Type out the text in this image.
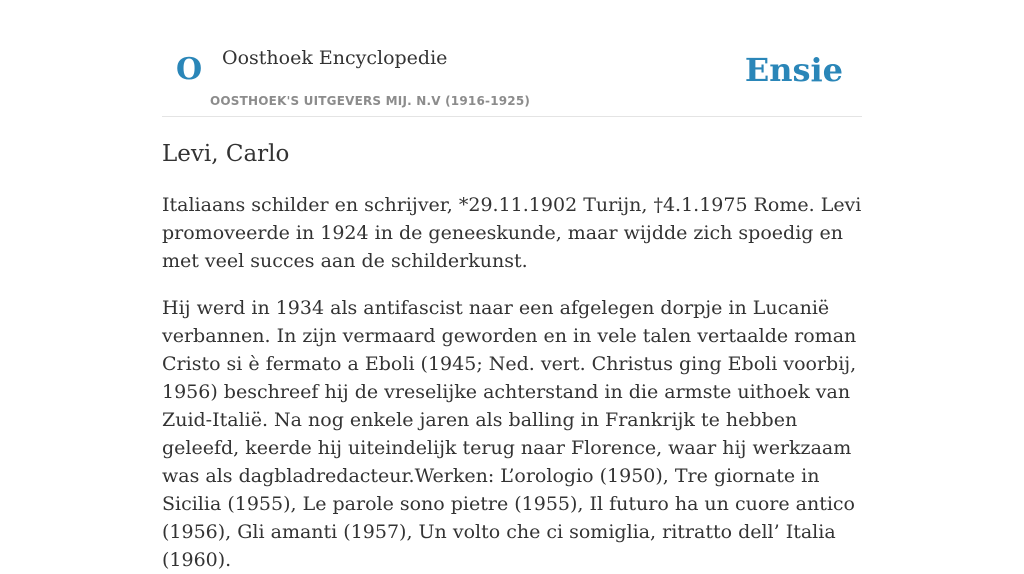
O Oosthoek Encyclopedie
OOSTHOEK'S UITGEVERS MIJ. N.V (1916-1925)
Ensie
Levi, Carlo

Italiaans schilder en schrijver, *29.11.1902 Turijn, †4.1.1975 Rome. Levi promoveerde in 1924 in de geneeskunde, maar wijdde zich spoedig en met veel succes aan de schilderkunst.

Hij werd in 1934 als antifascist naar een afgelegen dorpje in Lucanië verbannen. In zijn vermaard geworden en in vele talen vertaalde roman Cristo si è fermato a Eboli (1945; Ned. vert. Christus ging Eboli voorbij, 1956) beschreef hij de vreselijke achterstand in die armste uithoek van Zuid-Italië. Na nog enkele jaren als balling in Frankrijk te hebben geleefd, keerde hij uiteindelijk terug naar Florence, waar hij werkzaam was als dagbladredacteur.Werken: L’orologio (1950), Tre giornate in Sicilia (1955), Le parole sono pietre (1955), Il futuro ha un cuore antico (1956), Gli amanti (1957), Un volto che ci somiglia, ritratto dell’ Italia (1960).
